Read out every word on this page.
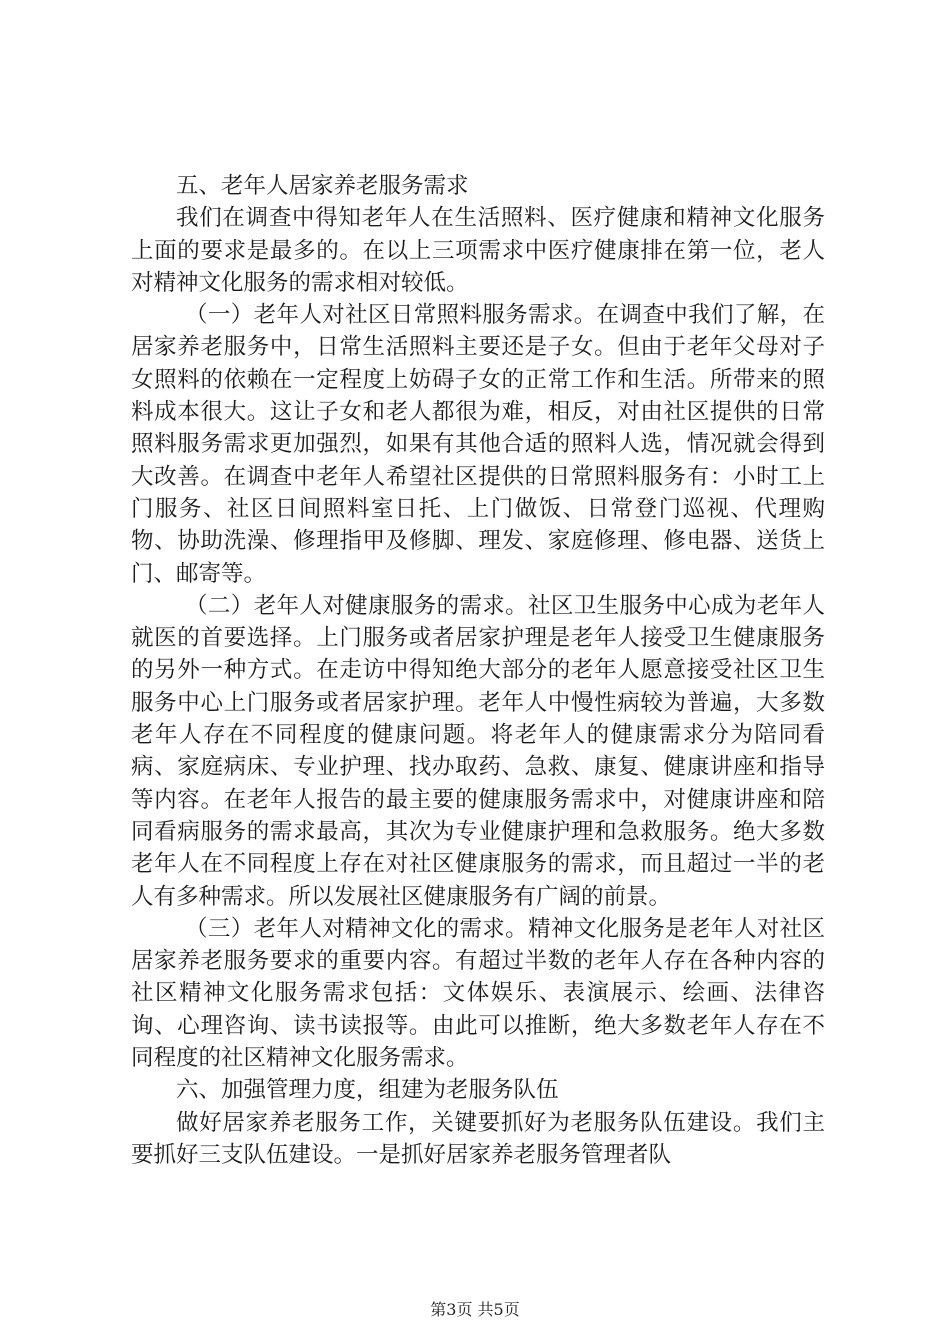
五、老年人居家养老服务需求

我们在调查中得知老年人在生活照料、医疗健康和精神文化服务上面的要求是最多的。在以上三项需求中医疗健康排在第一位，老人对精神文化服务的需求相对较低。

（一）老年人对社区日常照料服务需求。在调查中我们了解，在居家养老服务中，日常生活照料主要还是子女。但由于老年父母对子女照料的依赖在一定程度上妨碍子女的正常工作和生活。所带来的照料成本很大。这让子女和老人都很为难，相反，对由社区提供的日常照料服务需求更加强烈，如果有其他合适的照料人选，情况就会得到大改善。在调查中老年人希望社区提供的日常照料服务有：小时工上门服务、社区日间照料室日托、上门做饭、日常登门巡视、代理购物、协助洗澡、修理指甲及修脚、理发、家庭修理、修电器、送货上门、邮寄等。

（二）老年人对健康服务的需求。社区卫生服务中心成为老年人就医的首要选择。上门服务或者居家护理是老年人接受卫生健康服务的另外一种方式。在走访中得知绝大部分的老年人愿意接受社区卫生服务中心上门服务或者居家护理。老年人中慢性病较为普遍，大多数老年人存在不同程度的健康问题。将老年人的健康需求分为陪同看病、家庭病床、专业护理、找办取药、急救、康复、健康讲座和指导等内容。在老年人报告的最主要的健康服务需求中，对健康讲座和陪同看病服务的需求最高，其次为专业健康护理和急救服务。绝大多数老年人在不同程度上存在对社区健康服务的需求，而且超过一半的老人有多种需求。所以发展社区健康服务有广阔的前景。

（三）老年人对精神文化的需求。精神文化服务是老年人对社区居家养老服务要求的重要内容。有超过半数的老年人存在各种内容的社区精神文化服务需求包括：文体娱乐、表演展示、绘画、法律咨询、心理咨询、读书读报等。由此可以推断，绝大多数老年人存在不同程度的社区精神文化服务需求。

六、加强管理力度，组建为老服务队伍

做好居家养老服务工作，关键要抓好为老服务队伍建设。我们主要抓好三支队伍建设。一是抓好居家养老服务管理者队

第3页 共5页
